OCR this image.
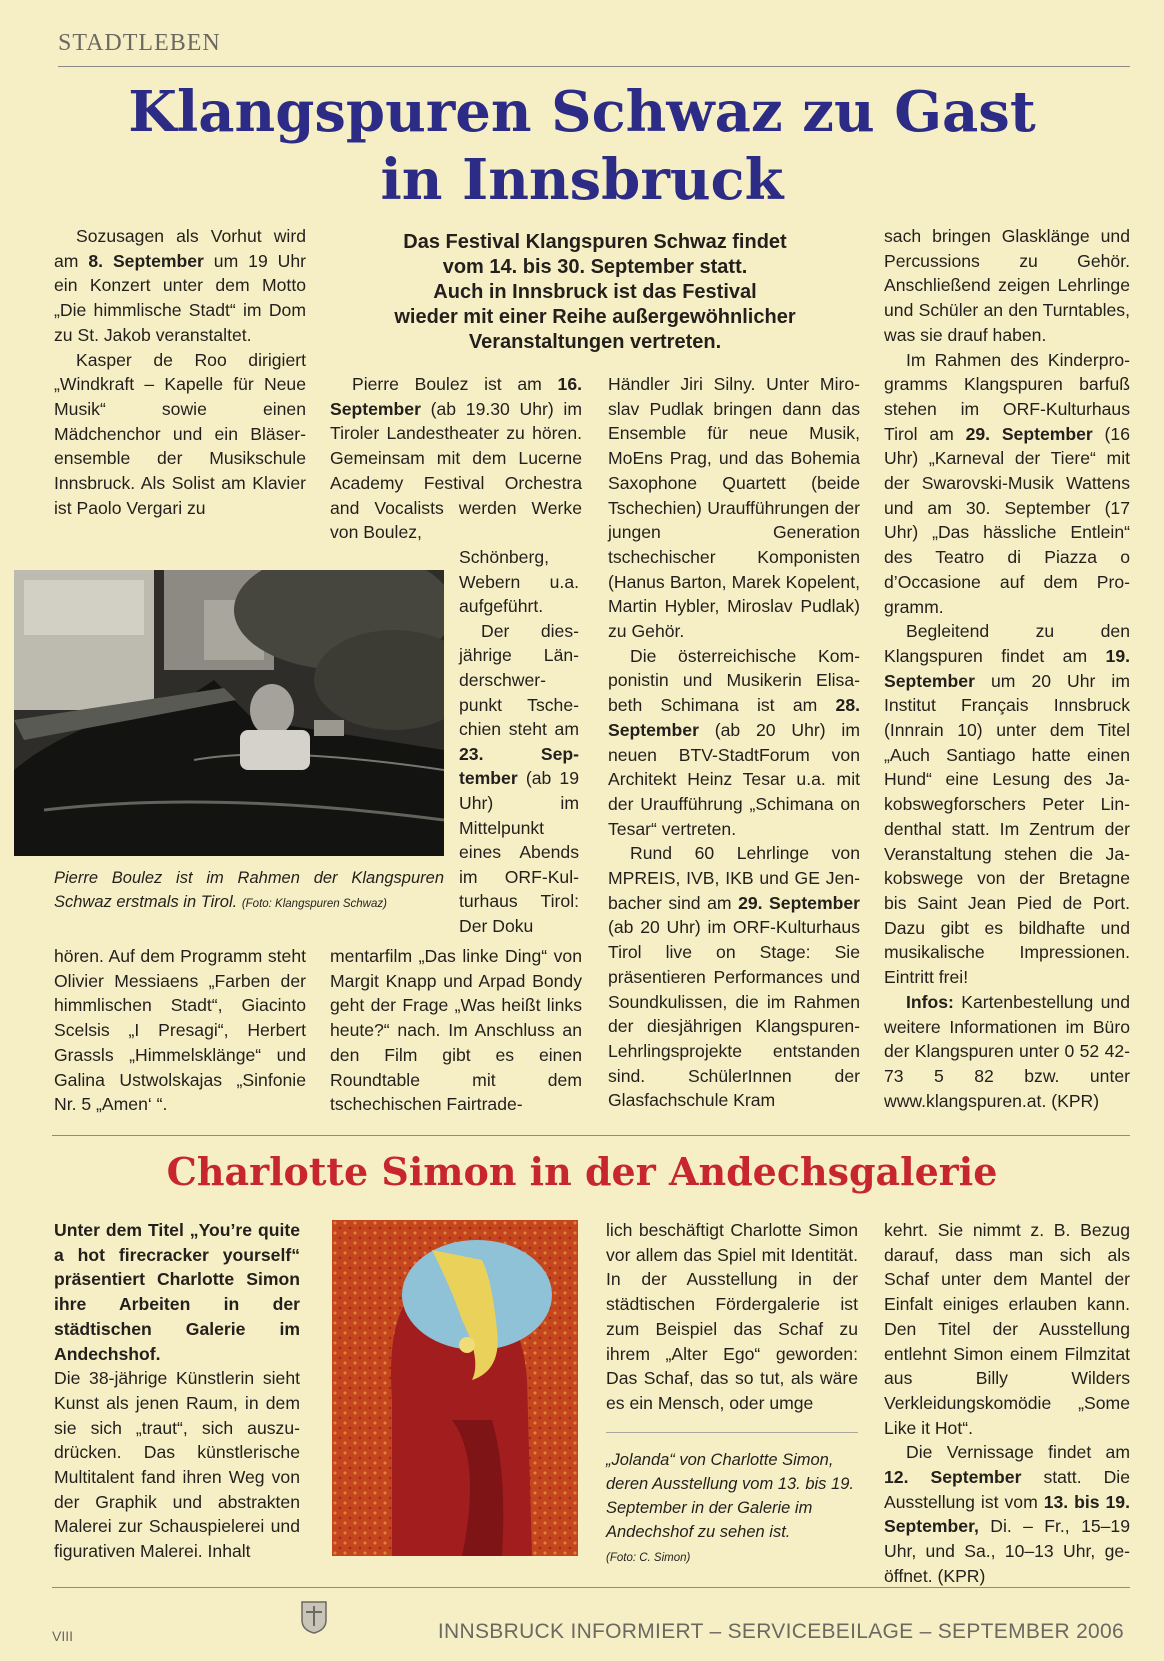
STADTLEBEN
Klangspuren Schwaz zu Gast
in Innsbruck

Sozusagen als Vorhut wird am 8. September um 19 Uhr ein Konzert unter dem Motto „Die himmlische Stadt“ im Dom zu St. Jakob veranstaltet.

Kasper de Roo dirigiert „Windkraft – Kapelle für Neue Musik“ sowie einen Mädchenchor und ein Bläserensemble der Musikschule Innsbruck. Als Solist am Klavier ist Paolo Vergari zu

Das Festival Klangspuren Schwaz findet
vom 14. bis 30. September statt.
Auch in Innsbruck ist das Festival
wieder mit einer Reihe außergewöhnlicher
Veranstaltungen vertreten.
Pierre Boulez ist im Rahmen der Klangspuren Schwaz erstmals in Tirol. (Foto: Klangspuren Schwaz)

hören. Auf dem Programm steht Olivier Messiaens „Farben der himmlischen Stadt“, Giacinto Scelsis „I Presagi“, Herbert Grassls „Himmelsklänge“ und Galina Ustwolskajas „Sinfonie Nr. 5 „Amen‘ “.

Pierre Boulez ist am 16. September (ab 19.30 Uhr) im Tiroler Landestheater zu hören. Gemeinsam mit dem Lucerne Academy Festival Orchestra and Vocalists werden Werke von Boulez,

Schönberg, Webern u.a. aufgeführt.

Der diesjährige Länderschwerpunkt Tschechien steht am 23. September (ab 19 Uhr) im Mittelpunkt eines Abends im ORF-Kulturhaus Tirol: Der Doku

mentarfilm „Das linke Ding“ von Margit Knapp und Arpad Bondy geht der Frage „Was heißt links heute?“ nach. Im Anschluss an den Film gibt es einen Roundtable mit dem tschechischen Fairtrade-

Händler Jiri Silny. Unter Miroslav Pudlak bringen dann das Ensemble für neue Musik, MoEns Prag, und das Bohemia Saxophone Quartett (beide Tschechien) Uraufführungen der jungen Generation tschechischer Komponisten (Hanus Barton, Marek Kopelent, Martin Hybler, Miroslav Pudlak) zu Gehör.

Die österreichische Komponistin und Musikerin Elisabeth Schimana ist am 28. September (ab 20 Uhr) im neuen BTV-StadtForum von Architekt Heinz Tesar u.a. mit der Uraufführung „Schimana on Tesar“ vertreten.

Rund 60 Lehrlinge von MPREIS, IVB, IKB und GE Jenbacher sind am 29. September (ab 20 Uhr) im ORF-Kulturhaus Tirol live on Stage: Sie präsentieren Performances und Soundkulissen, die im Rahmen der diesjährigen Klangspuren-Lehrlingsprojekte entstanden sind. SchülerInnen der Glasfachschule Kram

sach bringen Glasklänge und Percussions zu Gehör. Anschließend zeigen Lehrlinge und Schüler an den Turntables, was sie drauf haben.

Im Rahmen des Kinderprogramms Klangspuren barfuß stehen im ORF-Kulturhaus Tirol am 29. September (16 Uhr) „Karneval der Tiere“ mit der Swarovski-Musik Wattens und am 30. September (17 Uhr) „Das hässliche Entlein“ des Teatro di Piazza o d’Occasione auf dem Programm.

Begleitend zu den Klangspuren findet am 19. September um 20 Uhr im Institut Français Innsbruck (Innrain 10) unter dem Titel „Auch Santiago hatte einen Hund“ eine Lesung des Jakobswegforschers Peter Lindenthal statt. Im Zentrum der Veranstaltung stehen die Jakobswege von der Bretagne bis Saint Jean Pied de Port. Dazu gibt es bildhafte und musikalische Impressionen. Eintritt frei!

Infos: Kartenbestellung und weitere Informationen im Büro der Klangspuren unter 0 52 42-73 5 82 bzw. unter www.klangspuren.at. (KPR)

Charlotte Simon in der Andechsgalerie

Unter dem Titel „You’re quite a hot firecracker yourself“ präsentiert Charlotte Simon ihre Arbeiten in der städtischen Galerie im Andechshof.

Die 38-jährige Künstlerin sieht Kunst als jenen Raum, in dem sie sich „traut“, sich auszudrücken. Das künstlerische Multitalent fand ihren Weg von der Graphik und abstrakten Malerei zur Schauspielerei und figurativen Malerei. Inhalt

lich beschäftigt Charlotte Simon vor allem das Spiel mit Identität. In der Ausstellung in der städtischen Fördergalerie ist zum Beispiel das Schaf zu ihrem „Alter Ego“ geworden: Das Schaf, das so tut, als wäre es ein Mensch, oder umge

„Jolanda“ von Charlotte Simon, deren Ausstellung vom 13. bis 19. September in der Galerie im Andechshof zu sehen ist.
(Foto: C. Simon)

kehrt. Sie nimmt z. B. Bezug darauf, dass man sich als Schaf unter dem Mantel der Einfalt einiges erlauben kann. Den Titel der Ausstellung entlehnt Simon einem Filmzitat aus Billy Wilders Verkleidungskomödie „Some Like it Hot“.

Die Vernissage findet am 12. September statt. Die Ausstellung ist vom 13. bis 19. September, Di. – Fr., 15–19 Uhr, und Sa., 10–13 Uhr, geöffnet. (KPR)

VIII	INNSBRUCK INFORMIERT – SERVICEBEILAGE – SEPTEMBER 2006
